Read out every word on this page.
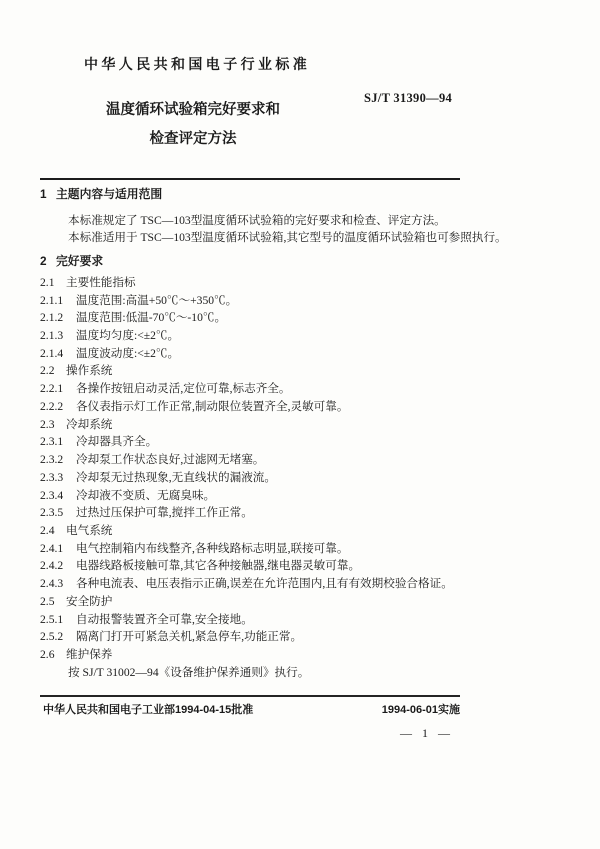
中华人民共和国电子行业标准
SJ/T 31390—94
温度循环试验箱完好要求和
检查评定方法
1 主题内容与适用范围
本标准规定了 TSC—103型温度循环试验箱的完好要求和检查、评定方法。
本标准适用于 TSC—103型温度循环试验箱,其它型号的温度循环试验箱也可参照执行。
2 完好要求
2.1 主要性能指标
2.1.1 温度范围:高温+50℃～+350℃。
2.1.2 温度范围:低温-70℃～-10℃。
2.1.3 温度均匀度:<±2℃。
2.1.4 温度波动度:<±2℃。
2.2 操作系统
2.2.1 各操作按钮启动灵活,定位可靠,标志齐全。
2.2.2 各仪表指示灯工作正常,制动限位装置齐全,灵敏可靠。
2.3 冷却系统
2.3.1 冷却器具齐全。
2.3.2 冷却泵工作状态良好,过滤网无堵塞。
2.3.3 冷却泵无过热现象,无直线状的漏液流。
2.3.4 冷却液不变质、无腐臭味。
2.3.5 过热过压保护可靠,搅拌工作正常。
2.4 电气系统
2.4.1 电气控制箱内布线整齐,各种线路标志明显,联接可靠。
2.4.2 电器线路板接触可靠,其它各种接触器,继电器灵敏可靠。
2.4.3 各种电流表、电压表指示正确,误差在允许范围内,且有有效期校验合格证。
2.5 安全防护
2.5.1 自动报警装置齐全可靠,安全接地。
2.5.2 隔离门打开可紧急关机,紧急停车,功能正常。
2.6 维护保养
按 SJ/T 31002—94《设备维护保养通则》执行。
中华人民共和国电子工业部1994-04-15批准	1994-06-01实施
— 1 —
